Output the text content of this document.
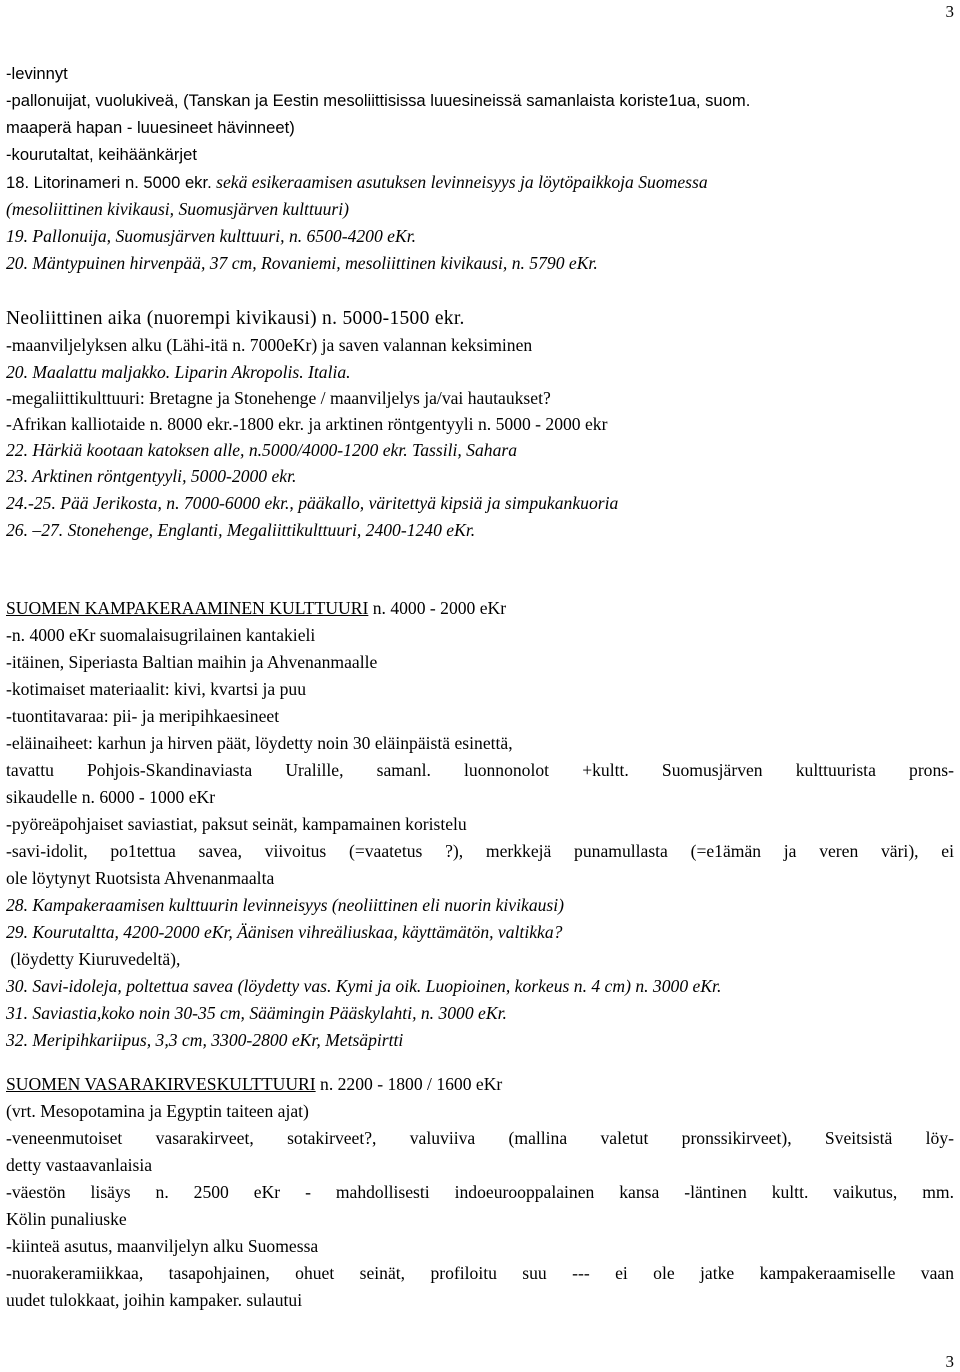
3
-levinnyt
-pallonuijat, vuolukiveä, (Tanskan ja Eestin mesoliittisissa luuesineissä samanlaista koriste1ua, suom.
maaperä hapan - luuesineet hävinneet)
-kourutaltat, keihäänkärjet
18. Litorinameri n. 5000 ekr. sekä esikeraamisen asutuksen levinneisyys ja löytöpaikkoja Suomessa
(mesoliittinen kivikausi, Suomusjärven kulttuuri)
19. Pallonuija, Suomusjärven kulttuuri, n. 6500-4200 eKr.
20. Mäntypuinen hirvenpää, 37 cm, Rovaniemi, mesoliittinen kivikausi, n. 5790 eKr.
Neoliittinen aika (nuorempi kivikausi) n. 5000-1500 ekr.
-maanviljelyksen alku (Lähi-itä n. 7000eKr) ja saven valannan keksiminen
20. Maalattu maljakko. Liparin Akropolis. Italia.
-megaliittikulttuuri: Bretagne ja Stonehenge / maanviljelys ja/vai hautaukset?
-Afrikan kalliotaide n. 8000 ekr.-1800 ekr. ja arktinen röntgentyyli n. 5000 - 2000 ekr
22. Härkiä kootaan katoksen alle, n.5000/4000-1200 ekr. Tassili, Sahara
23. Arktinen röntgentyyli, 5000-2000 ekr.
24.-25. Pää Jerikosta, n. 7000-6000 ekr., pääkallo, väritettyä kipsiä ja simpukankuoria
26. –27. Stonehenge, Englanti, Megaliittikulttuuri, 2400-1240 eKr.
SUOMEN KAMPAKERAAMINEN KULTTUURI n. 4000 - 2000 eKr
-n. 4000 eKr suomalaisugrilainen kantakieli
-itäinen, Siperiasta Baltian maihin ja Ahvenanmaalle
-kotimaiset materiaalit: kivi, kvartsi ja puu
-tuontitavaraa: pii- ja meripihkaesineet
-eläinaiheet: karhun ja hirven päät, löydetty noin 30 eläinpäistä esinettä,
tavattu Pohjois-Skandinaviasta Uralille, samanl. luonnonolot +kultt. Suomusjärven kulttuurista prons-
sikaudelle n. 6000 - 1000 eKr
-pyöreäpohjaiset saviastiat, paksut seinät, kampamainen koristelu
-savi-idolit, po1tettua savea, viivoitus (=vaatetus ?), merkkejä punamullasta (=e1ämän ja veren väri), ei
ole löytynyt Ruotsista Ahvenanmaalta
28. Kampakeraamisen kulttuurin levinneisyys (neoliittinen eli nuorin kivikausi)
29. Kourutaltta, 4200-2000 eKr, Äänisen vihreäliuskaa, käyttämätön, valtikka?
(löydetty Kiuruvedeltä),
30. Savi-idoleja, poltettua savea (löydetty vas. Kymi ja oik. Luopioinen, korkeus n. 4 cm) n. 3000 eKr.
31. Saviastia,koko noin 30-35 cm, Säämingin Pääskylahti, n. 3000 eKr.
32. Meripihkariipus, 3,3 cm, 3300-2800 eKr, Metsäpirtti
SUOMEN VASARAKIRVESKULTTUURI n. 2200 - 1800 / 1600 eKr
(vrt. Mesopotamina ja Egyptin taiteen ajat)
-veneenmutoiset vasarakirveet, sotakirveet?, valuviiva (mallina valetut pronssikirveet), Sveitsistä löy-
detty vastaavanlaisia
-väestön lisäys n. 2500 eKr - mahdollisesti indoeurooppalainen kansa -läntinen kultt. vaikutus, mm.
Kölin punaliuske
-kiinteä asutus, maanviljelyn alku Suomessa
-nuorakeramiikkaa, tasapohjainen, ohuet seinät, profiloitu suu --- ei ole jatke kampakeraamiselle vaan
uudet tulokkaat, joihin kampaker. sulautui
3
